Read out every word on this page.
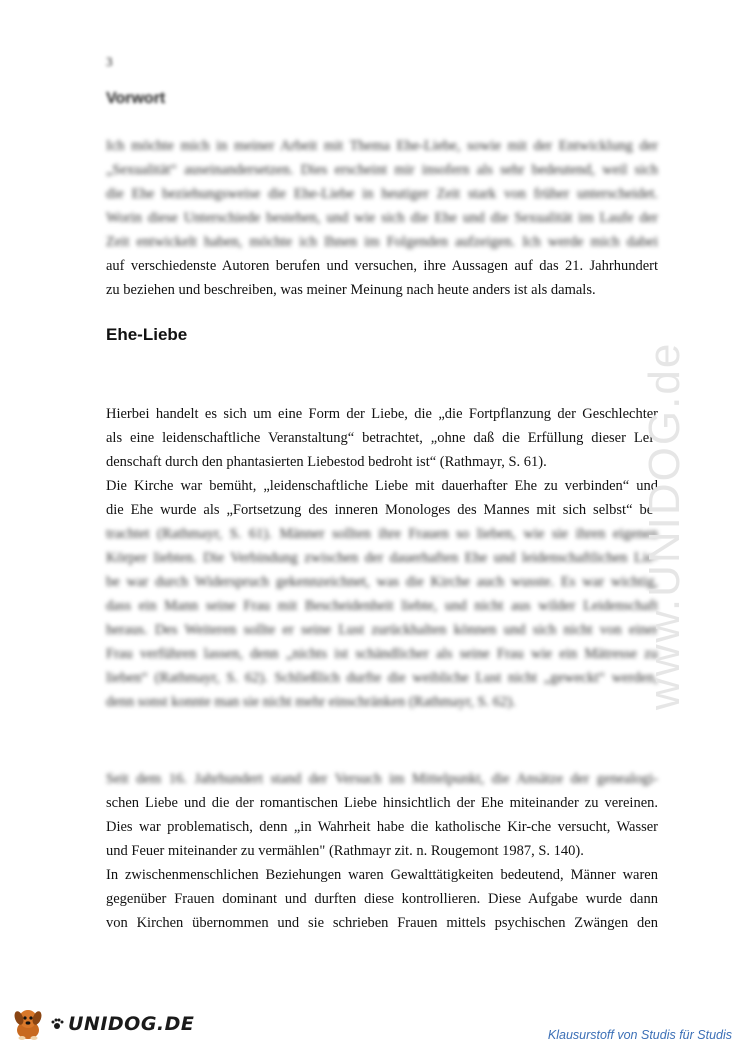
3
Vorwort
Ich möchte mich in meiner Arbeit mit Thema Ehe-Liebe, sowie mit der Entwicklung der
„Sexualität“ auseinandersetzen. Dies erscheint mir insofern als sehr bedeutend, weil sich
die Ehe beziehungsweise die Ehe-Liebe in heutiger Zeit stark von früher unterscheidet.
Worin diese Unterschiede bestehen, und wie sich die Ehe und die Sexualität im Laufe der
Zeit entwickelt haben, möchte ich Ihnen im Folgenden aufzeigen. Ich werde mich dabei
auf verschiedenste Autoren berufen und versuchen, ihre Aussagen auf das 21. Jahrhundert
zu beziehen und beschreiben, was meiner Meinung nach heute anders ist als damals.
Ehe-Liebe
Hierbei handelt es sich um eine Form der Liebe, die „die Fortpflanzung der Geschlechter
als eine leidenschaftliche Veranstaltung“ betrachtet, „ohne daß die Erfüllung dieser Lei-
denschaft durch den phantasierten Liebestod bedroht ist“ (Rathmayr, S. 61).
Die Kirche war bemüht, „leidenschaftliche Liebe mit dauerhafter Ehe zu verbinden“ und
die Ehe wurde als „Fortsetzung des inneren Monologes des Mannes mit sich selbst“ be-
trachtet (Rathmayr, S. 61). Männer sollten ihre Frauen so lieben, wie sie ihren eigenen
Körper liebten. Die Verbindung zwischen der dauerhaften Ehe und leidenschaftlichen Lie-
be war durch Widerspruch gekennzeichnet, was die Kirche auch wusste. Es war wichtig,
dass ein Mann seine Frau mit Bescheidenheit liebte, und nicht aus wilder Leidenschaft
heraus. Des Weiteren sollte er seine Lust zurückhalten können und sich nicht von einer
Frau verführen lassen, denn „nichts ist schändlicher als seine Frau wie ein Mätresse zu
lieben“ (Rathmayr, S. 62). Schließlich durfte die weibliche Lust nicht „geweckt“ werden,
denn sonst konnte man sie nicht mehr einschränken (Rathmayr, S. 62).
Seit dem 16. Jahrhundert stand der Versuch im Mittelpunkt, die Ansätze der genealogi-
schen Liebe und die der romantischen Liebe hinsichtlich der Ehe miteinander zu vereinen.
Dies war problematisch, denn „in Wahrheit habe die katholische Kir-che versucht, Wasser
und Feuer miteinander zu vermählen" (Rathmayr zit. n. Rougemont 1987, S. 140).
In zwischenmenschlichen Beziehungen waren Gewalttätigkeiten bedeutend, Männer waren
gegenüber Frauen dominant und durften diese kontrollieren. Diese Aufgabe wurde dann
von Kirchen übernommen und sie schrieben Frauen mittels psychischen Zwängen den
www.UNIDOG.de
UNIDOG.DE	Klausurstoff von Studis für Studis
